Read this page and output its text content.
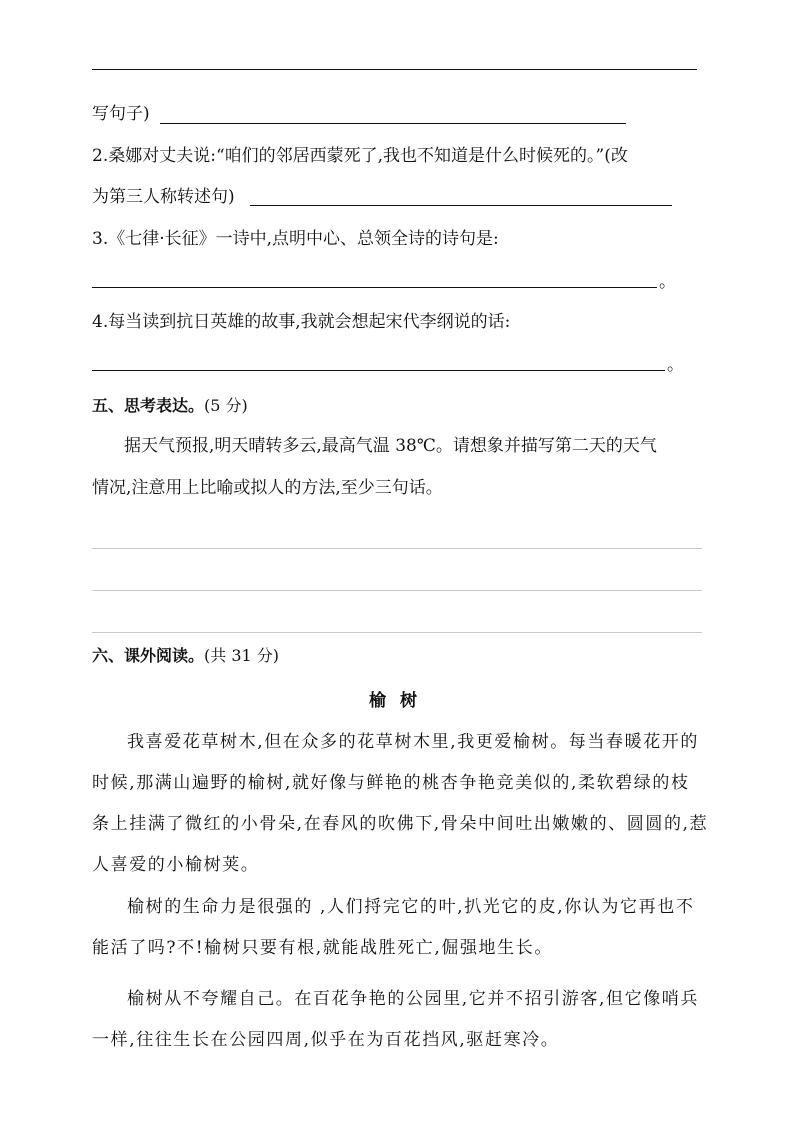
写句子)
2.桑娜对丈夫说:“咱们的邻居西蒙死了,我也不知道是什么时候死的。”(改
为第三人称转述句)
3.《七律·长征》一诗中,点明中心、总领全诗的诗句是:
。
4.每当读到抗日英雄的故事,我就会想起宋代李纲说的话:
。
五、思考表达。(5 分)
据天气预报,明天晴转多云,最高气温 38℃。请想象并描写第二天的天气
情况,注意用上比喻或拟人的方法,至少三句话。
六、课外阅读。(共 31 分)
榆树
我喜爱花草树木,但在众多的花草树木里,我更爱榆树。每当春暖花开的
时候,那满山遍野的榆树,就好像与鲜艳的桃杏争艳竞美似的,柔软碧绿的枝
条上挂满了微红的小骨朵,在春风的吹佛下,骨朵中间吐出嫩嫩的、圆圆的,惹
人喜爱的小榆树荚。
榆树的生命力是很强的 ,人们捋完它的叶,扒光它的皮,你认为它再也不
能活了吗?不!榆树只要有根,就能战胜死亡,倔强地生长。
榆树从不夸耀自己。在百花争艳的公园里,它并不招引游客,但它像哨兵
一样,往往生长在公园四周,似乎在为百花挡风,驱赶寒冷。
